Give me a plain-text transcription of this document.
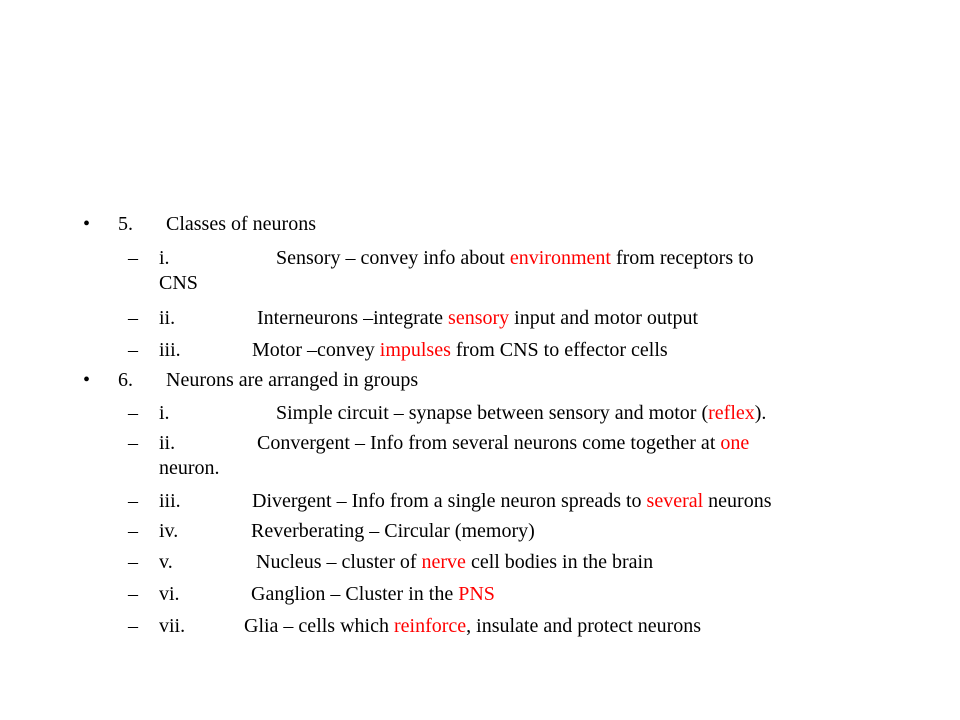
•	5. Classes of neurons
– i.	Sensory – convey info about environment from receptors to
CNS
– ii.	Interneurons –integrate sensory input and motor output
– iii.	Motor –convey impulses from CNS to effector cells
•	6. Neurons are arranged in groups
– i.	Simple circuit – synapse between sensory and motor (reflex).
– ii.	Convergent – Info from several neurons come together at one
neuron.
– iii.	Divergent – Info from a single neuron spreads to several neurons
– iv.	Reverberating – Circular (memory)
– v.	Nucleus – cluster of nerve cell bodies in the brain
– vi.	Ganglion – Cluster in the PNS
– vii.	Glia – cells which reinforce, insulate and protect neurons
